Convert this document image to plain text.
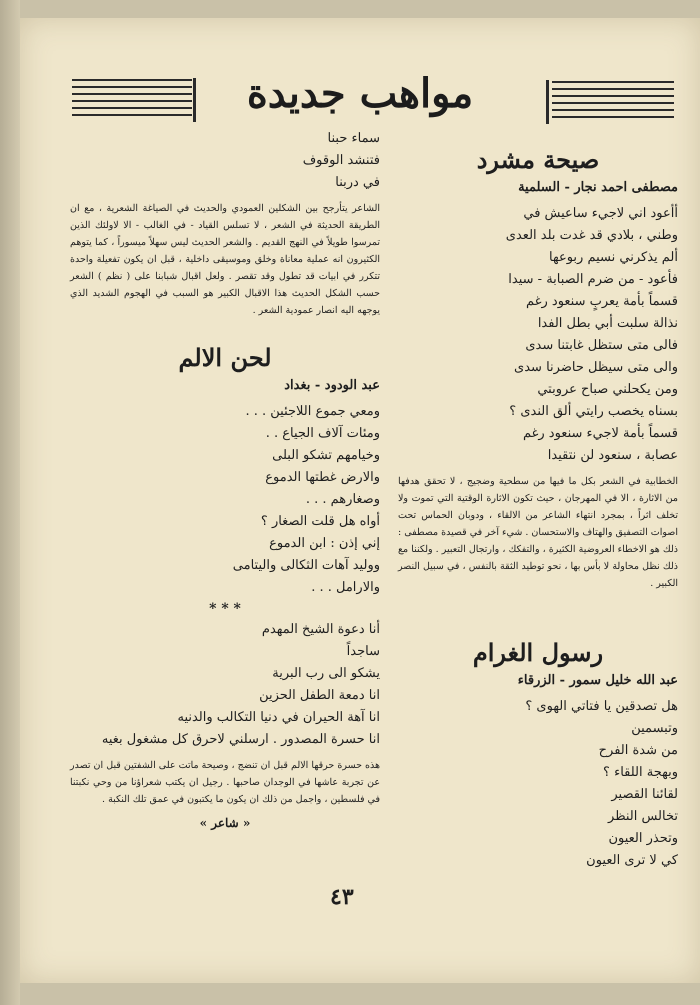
مواهب جديدة
صيحة مشرد
مصطفى احمد نجار - السلمية

أأعود اني لاجيء ساعيش في

وطني ، بلادي قد غدت بلد العدى

ألم يذكرني نسيم ربوعها

فأعود - من ضرم الصبابة - سيدا

قسماً بأمة يعربٍ سنعود رغم

نذالة سلبت أبي بطل الفدا

فالى متى ستظل غابتنا سدى

والى متى سيظل حاضرنا سدى

ومن يكحلني صباح عروبتي

بسناه يخصب رايتي ألق الندى ؟

قسماً بأمة لاجيء سنعود رغم

عصابة ، سنعود لن نتقيدا

الخطابية في الشعر بكل ما فيها من سطحية وضجيج ، لا تحقق هدفها من الاثارة ، الا في المهرجان ، حيث تكون الاثارة الوقتية التي تموت ولا تخلف اثراً ، بمجرد انتهاء الشاعر من الالقاء ، ودوبان الحماس تحت اصوات التصفيق والهتاف والاستحسان . شيء آخر في قصيدة مصطفى : ذلك هو الاخطاء العروضية الكثيرة ، والتفكك ، وارتجال التعبير . ولكننا مع ذلك نظل محاولة لا بأس بها ، نحو توطيد الثقة بالنفس ، في سبيل النصر الكبير .

رسول الغرام
عبد الله خليل سمور - الزرقاء

هل تصدقين يا فتاتي الهوى ؟

وتبسمين

من شدة الفرح

وبهجة اللقاء ؟

لقائنا القصير

تخالس النظر

وتحذر العيون

كي لا ترى العيون

سماء حبنا

فتنشد الوقوف

في دربنا

الشاعر يتأرجح بين الشكلين العمودي والحديث في الصياغة الشعرية ، مع ان الطريقة الحديثة في الشعر ، لا تسلس القياد - في الغالب - الا لاولئك الذين تمرسوا طويلاً في النهج القديم . والشعر الحديث ليس سهلاً ميسوراً ، كما يتوهم الكثيرون انه عملية معاناة وخلق وموسيقى داخلية ، قبل ان يكون تفعيلة واحدة تتكرر في ابيات قد تطول وقد تقصر . ولعل اقبال شبابنا على ( نظم ) الشعر حسب الشكل الحديث هذا الاقبال الكبير هو السبب في الهجوم الشديد الذي يوجهه اليه انصار عمودية الشعر .

لحن الالم
عبد الودود - بغداد

ومعي جموع اللاجئين . . .

ومئات آلاف الجياع . .

وخيامهم تشكو البلى

والارض غطتها الدموع

وصغارهم . . .

أواه هل قلت الصغار ؟

إني إذن : ابن الدموع

ووليد آهات الثكالى واليتامى

والارامل . . .

* * *

أنا دعوة الشيخ المهدم

ساجداً

يشكو الى رب البرية

انا دمعة الطفل الحزين

انا آهة الحيران في دنيا التكالب والدنيه

انا حسرة المصدور . ارسلني لاحرق كل مشغول بغيه

هذه حسرة حرقها الالم قبل ان تنضج ، وصيحة ماتت على الشفتين قبل ان تصدر عن تجربة عاشها في الوجدان صاحبها . رجيل ان يكتب شعراؤنا من وحي نكبتنا في فلسطين ، واجمل من ذلك ان يكون ما يكتبون في عمق تلك النكبة .

« شاعر »
٤٣
